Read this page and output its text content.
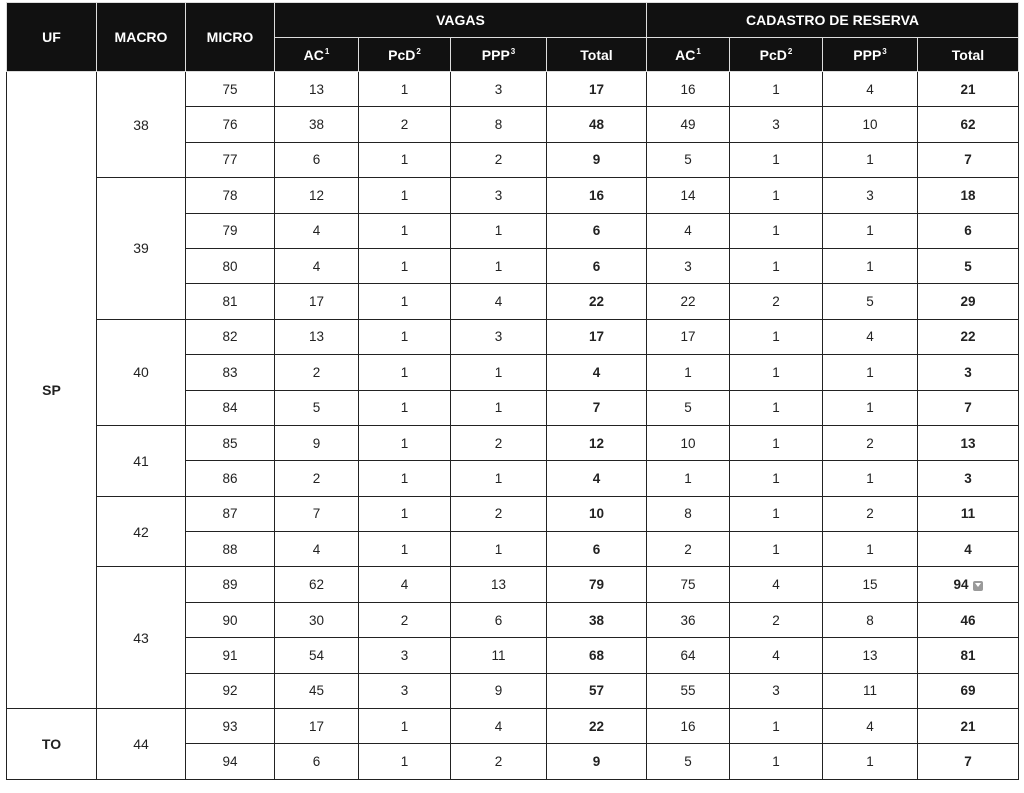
UF	MACRO	MICRO	VAGAS				CADASTRO DE RESERVA			
			$AC^1$	PcD$^2$	PPP$^3$	Total	$AC^1$	PcD$^2$	PPP$^3$	Total
SP	38	75	13	1	3	17	16	1	4	21
		76	38	2	8	48	49	3	10	62
		77	6	1	2	9	5	1	1	7
	39	78	12	1	3	16	14	1	3	18
		79	4	1	1	6	4	1	1	6
		80	4	1	1	6	3	1	1	5
		81	17	1	4	22	22	2	5	29
	40	82	13	1	3	17	17	1	4	22
		83	2	1	1	4	1	1	1	3
		84	5	1	1	7	5	1	1	7
	41	85	9	1	2	12	10	1	2	13
		86	2	1	1	4	1	1	1	3
	42	87	7	1	2	10	8	1	2	11
		88	4	1	1	6	2	1	1	4
	43	89	62	4	13	79	75	4	15	94
		90	30	2	6	38	36	2	8	46
		91	54	3	11	68	64	4	13	81
		92	45	3	9	57	55	3	11	69
TO	44	93	17	1	4	22	16	1	4	21
		94	6	1	2	9	5	1	1	7
